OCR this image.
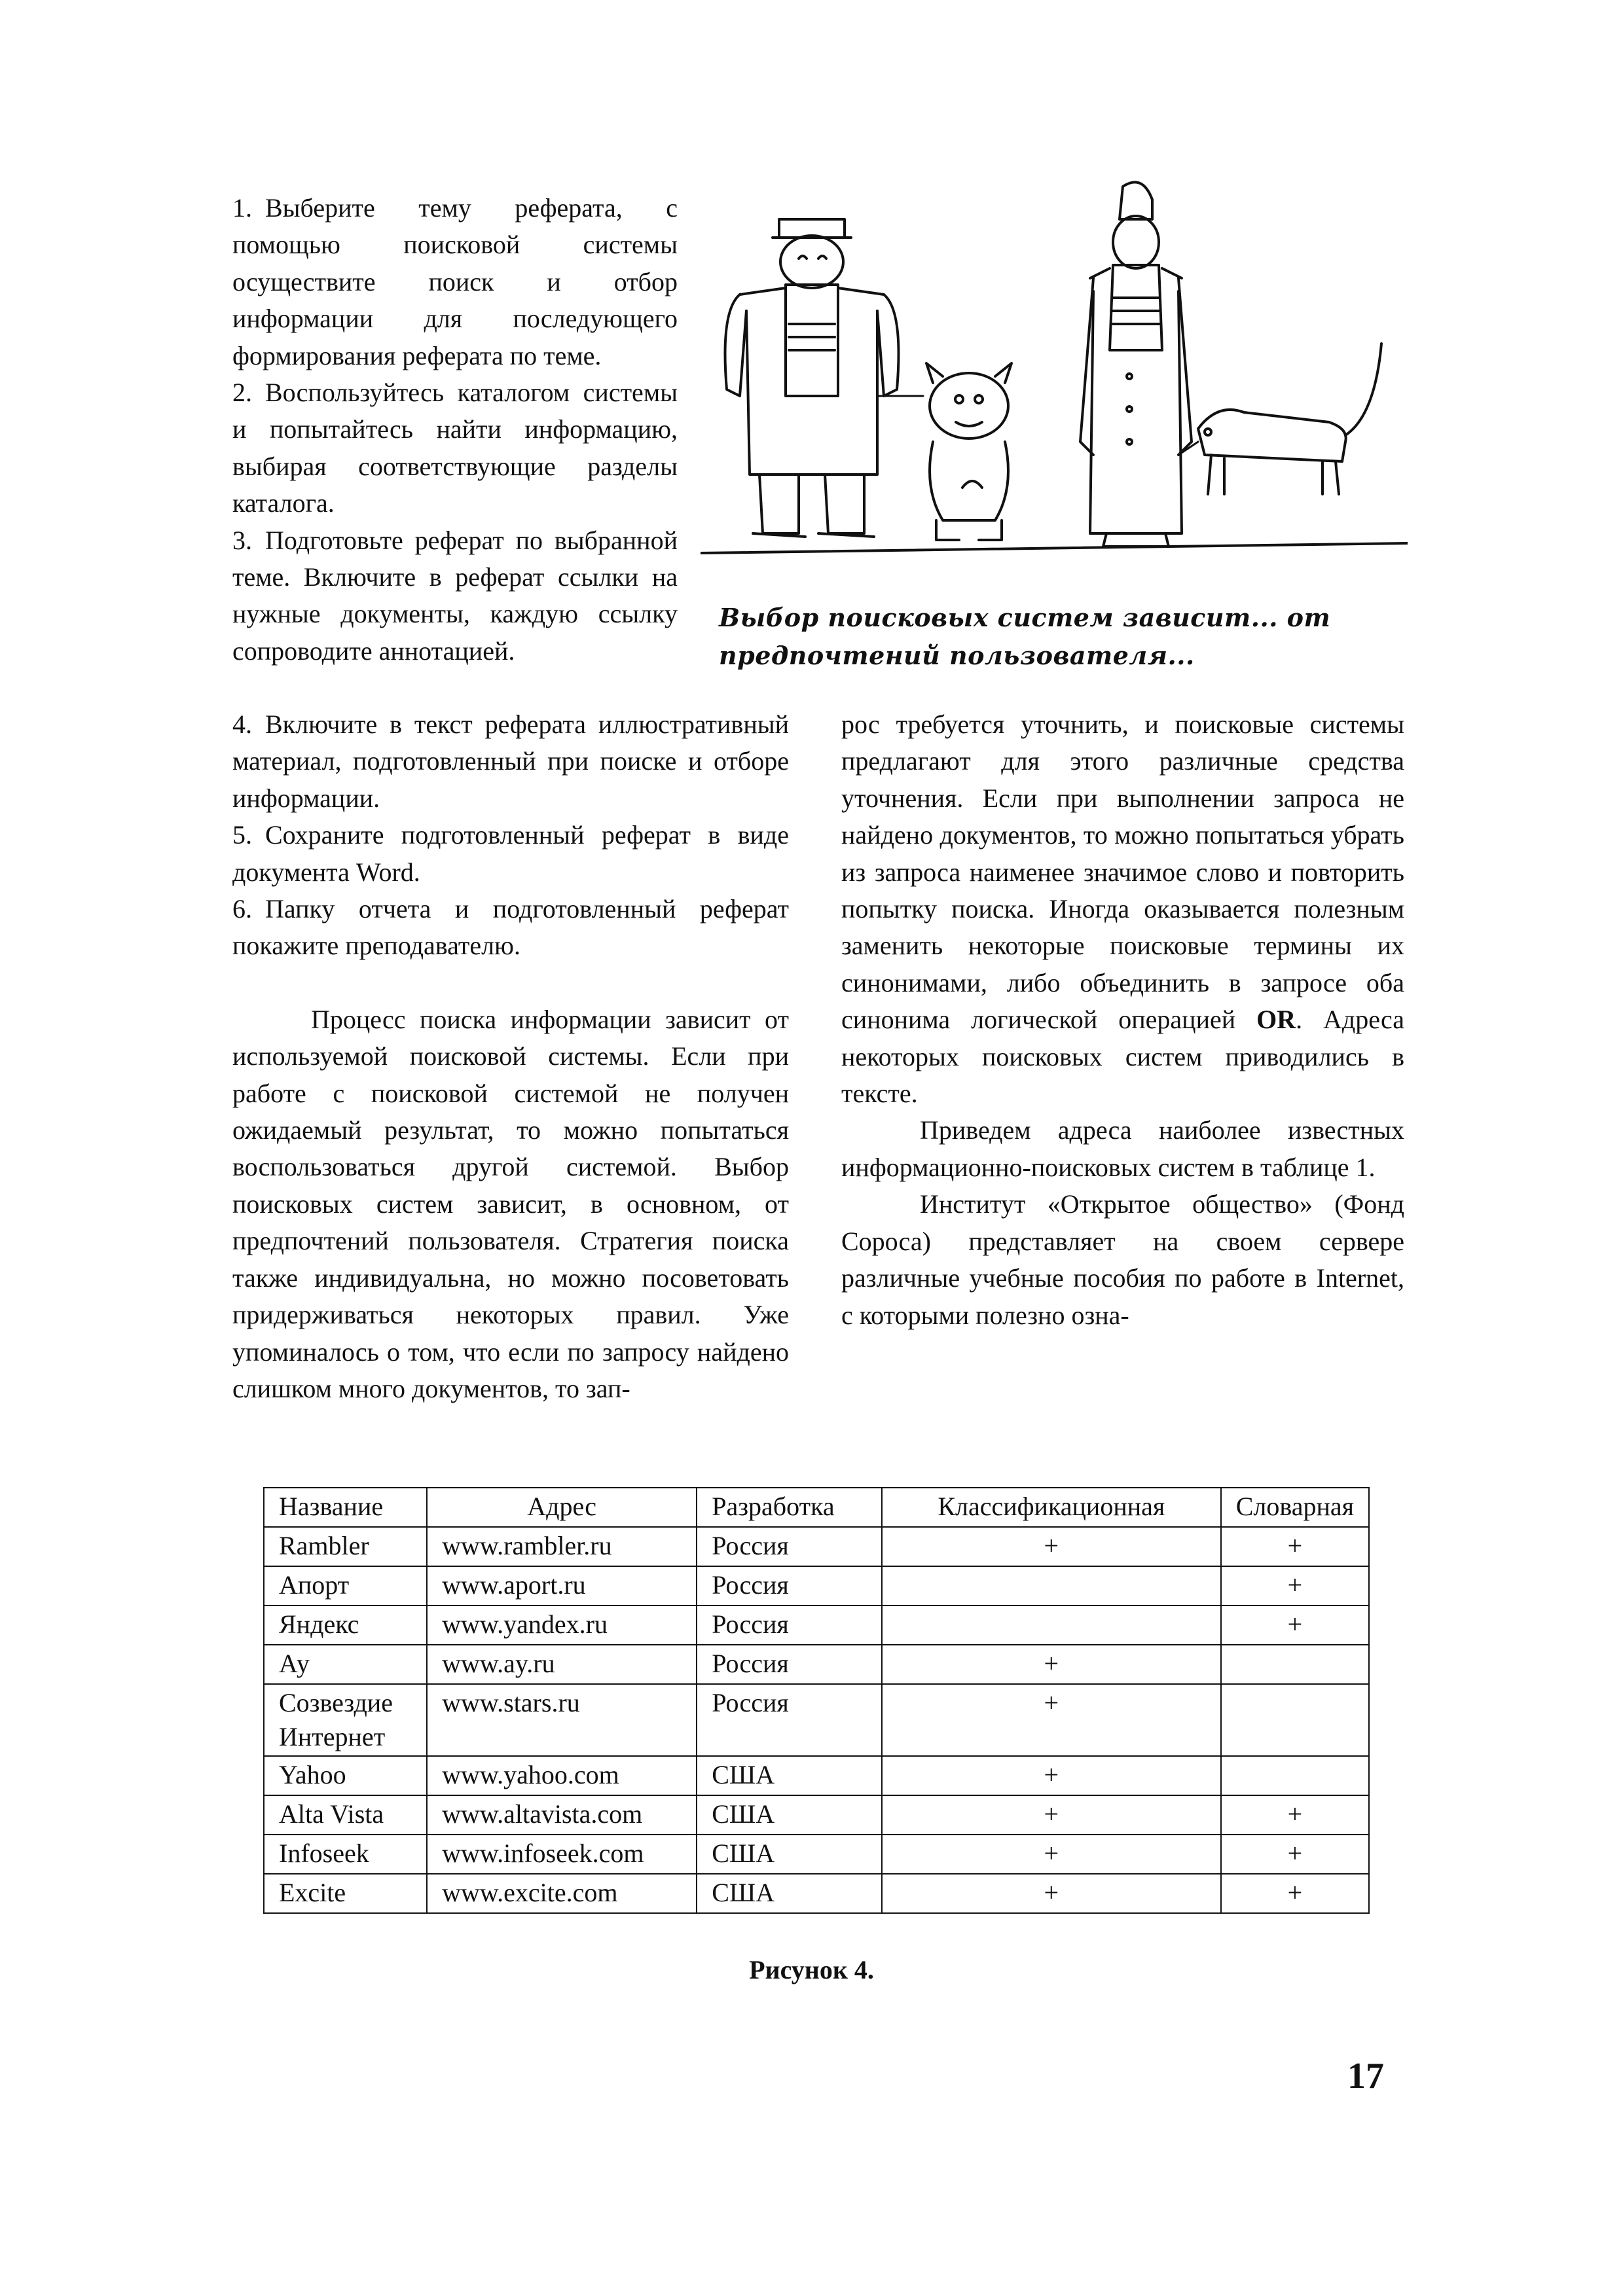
1. Выберите тему реферата, с помощью поисковой системы осуществите поиск и отбор информации для последующего формирования реферата по теме.

2. Воспользуйтесь каталогом системы и попытайтесь найти информацию, выбирая соответствующие разделы каталога.

3. Подготовьте реферат по выбранной теме. Включите в реферат ссылки на нужные документы, каждую ссылку сопроводите аннотацией.

Выбор поисковых систем зависит... от предпочтений пользователя...

4. Включите в текст реферата иллюстративный материал, подготовленный при поиске и отборе информации.

5. Сохраните подготовленный реферат в виде документа Word.

6. Папку отчета и подготовленный реферат покажите преподавателю.

Процесс поиска информации зависит от используемой поисковой системы. Если при работе с поисковой системой не получен ожидаемый результат, то можно попытаться воспользоваться другой системой. Выбор поисковых систем зависит, в основном, от предпочтений пользователя. Стратегия поиска также индивидуальна, но можно посоветовать придерживаться некоторых правил. Уже упоминалось о том, что если по запросу найдено слишком много документов, то зап-

рос требуется уточнить, и поисковые системы предлагают для этого различные средства уточнения. Если при выполнении запроса не найдено документов, то можно попытаться убрать из запроса наименее значимое слово и повторить попытку поиска. Иногда оказывается полезным заменить некоторые поисковые термины их синонимами, либо объединить в запросе оба синонима логической операцией OR. Адреса некоторых поисковых систем приводились в тексте.

Приведем адреса наиболее известных информационно-поисковых систем в таблице 1.

Институт «Открытое общество» (Фонд Сороса) представляет на своем сервере различные учебные пособия по работе в Internet, с которыми полезно озна-

Название	Адрес	Разработка	Классификационная	Словарная
Rambler	www.rambler.ru	Россия	+	+
Апорт	www.aport.ru	Россия		+
Яндекс	www.yandex.ru	Россия		+
Ау	www.ay.ru	Россия	+	
Созвездие Интернет	www.stars.ru	Россия	+	
Yahoo	www.yahoo.com	США	+	
Alta Vista	www.altavista.com	США	+	+
Infoseek	www.infoseek.com	США	+	+
Excite	www.excite.com	США	+	+
Рисунок 4.
17
